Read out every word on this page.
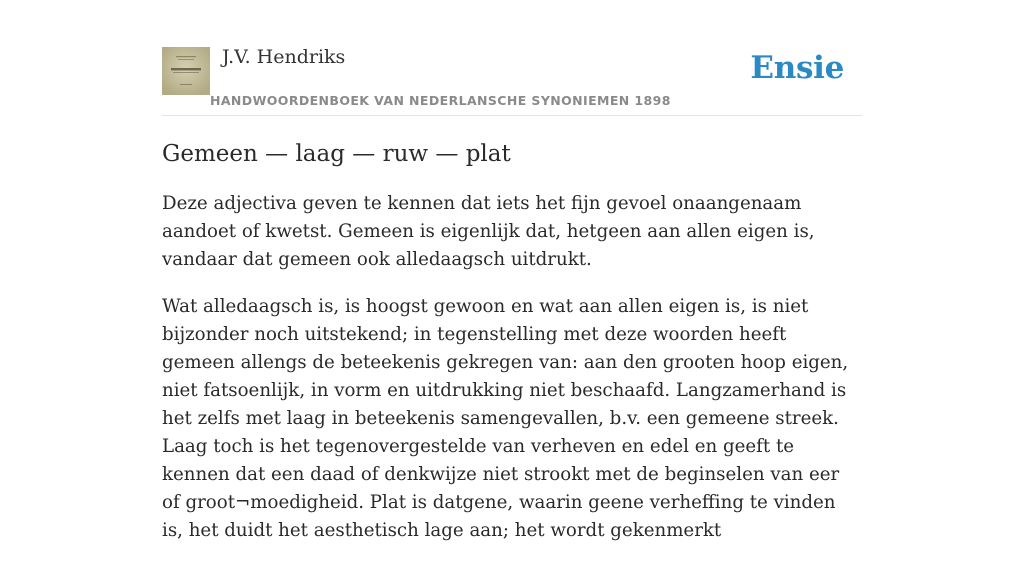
J.V. Hendriks
HANDWOORDENBOEK VAN NEDERLANSCHE SYNONIEMEN 1898
Ensie
Gemeen — laag — ruw — plat

Deze adjectiva geven te kennen dat iets het fijn gevoel onaangenaam aandoet of kwetst. Gemeen is eigenlijk dat, hetgeen aan allen eigen is, vandaar dat gemeen ook alledaagsch uitdrukt.

Wat alledaagsch is, is hoogst gewoon en wat aan allen eigen is, is niet bijzonder noch uitstekend; in tegenstelling met deze woorden heeft gemeen allengs de beteekenis gekregen van: aan den grooten hoop eigen, niet fatsoenlijk, in vorm en uitdrukking niet beschaafd. Langzamerhand is het zelfs met laag in beteekenis samengevallen, b.v. een gemeene streek. Laag toch is het tegenovergestelde van verheven en edel en geeft te kennen dat een daad of denkwijze niet strookt met de beginselen van eer of groot¬moedigheid. Plat is datgene, waarin geene verheffing te vinden is, het duidt het aesthetisch lage aan; het wordt gekenmerkt
